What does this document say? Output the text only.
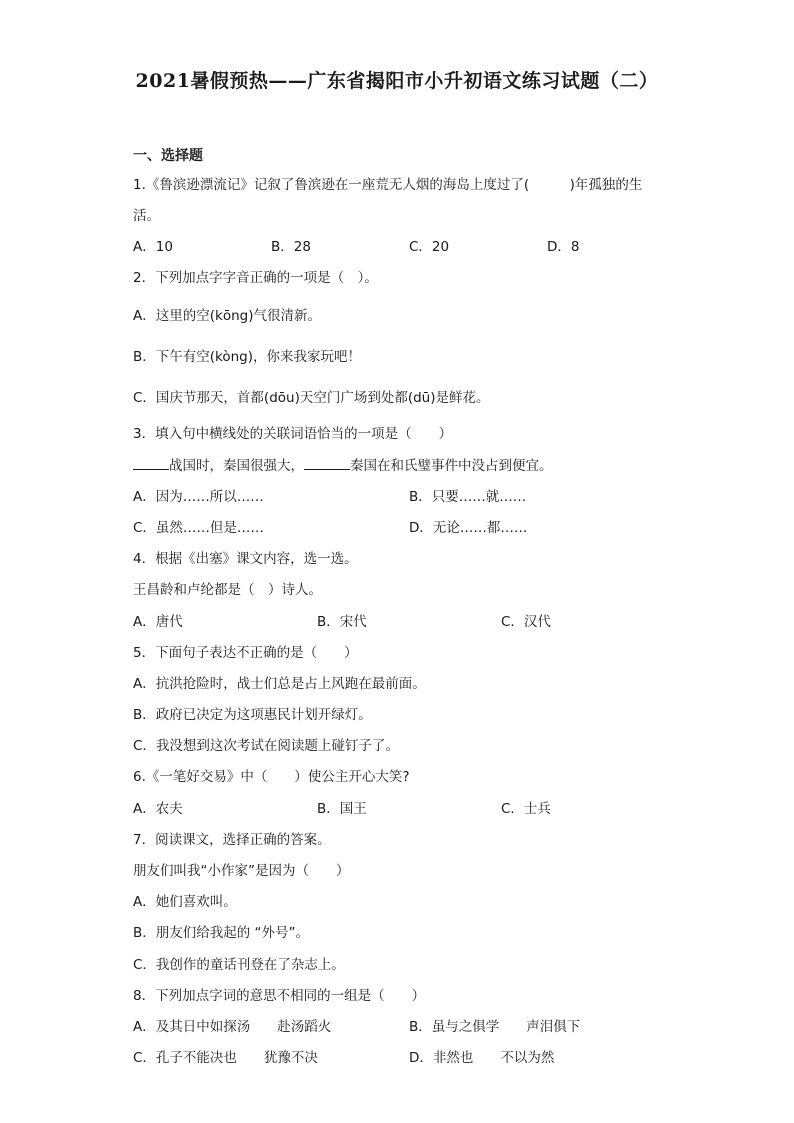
2021暑假预热——广东省揭阳市小升初语文练习试题（二）
一、选择题
1.《鲁滨逊漂流记》记叙了鲁滨逊在一座荒无人烟的海岛上度过了(　　　)年孤独的生
活。
A．10	B．28	C．20	D．8
2．下列加点字字音正确的一项是（　）。
A．这里的空(kōng)气很清新。
B．下午有空(kòng)，你来我家玩吧！
C．国庆节那天，首都(dōu)天空门广场到处都(dū)是鲜花。
3．填入句中横线处的关联词语恰当的一项是（　　）
战国时，秦国很强大，	秦国在和氏璧事件中没占到便宜。
A．因为……所以……	B．只要……就……
C．虽然……但是……	D．无论……都……
4．根据《出塞》课文内容，选一选。
王昌龄和卢纶都是（　）诗人。
A．唐代	B．宋代	C．汉代
5．下面句子表达不正确的是（　　）
A．抗洪抢险时，战士们总是占上风跑在最前面。
B．政府已决定为这项惠民计划开绿灯。
C．我没想到这次考试在阅读题上碰钉子了。
6.《一笔好交易》中（　　）使公主开心大笑?
A．农夫	B．国王	C．士兵
7．阅读课文，选择正确的答案。
朋友们叫我“小作家”是因为（　　）
A．她们喜欢叫。
B．朋友们给我起的 “外号”。
C．我创作的童话刊登在了杂志上。
8．下列加点字词的意思不相同的一组是（　　）
A．及其日中如探汤　　赴汤蹈火	B．虽与之俱学　　声泪俱下
C．孔子不能决也　　犹豫不决	D．非然也　　不以为然
